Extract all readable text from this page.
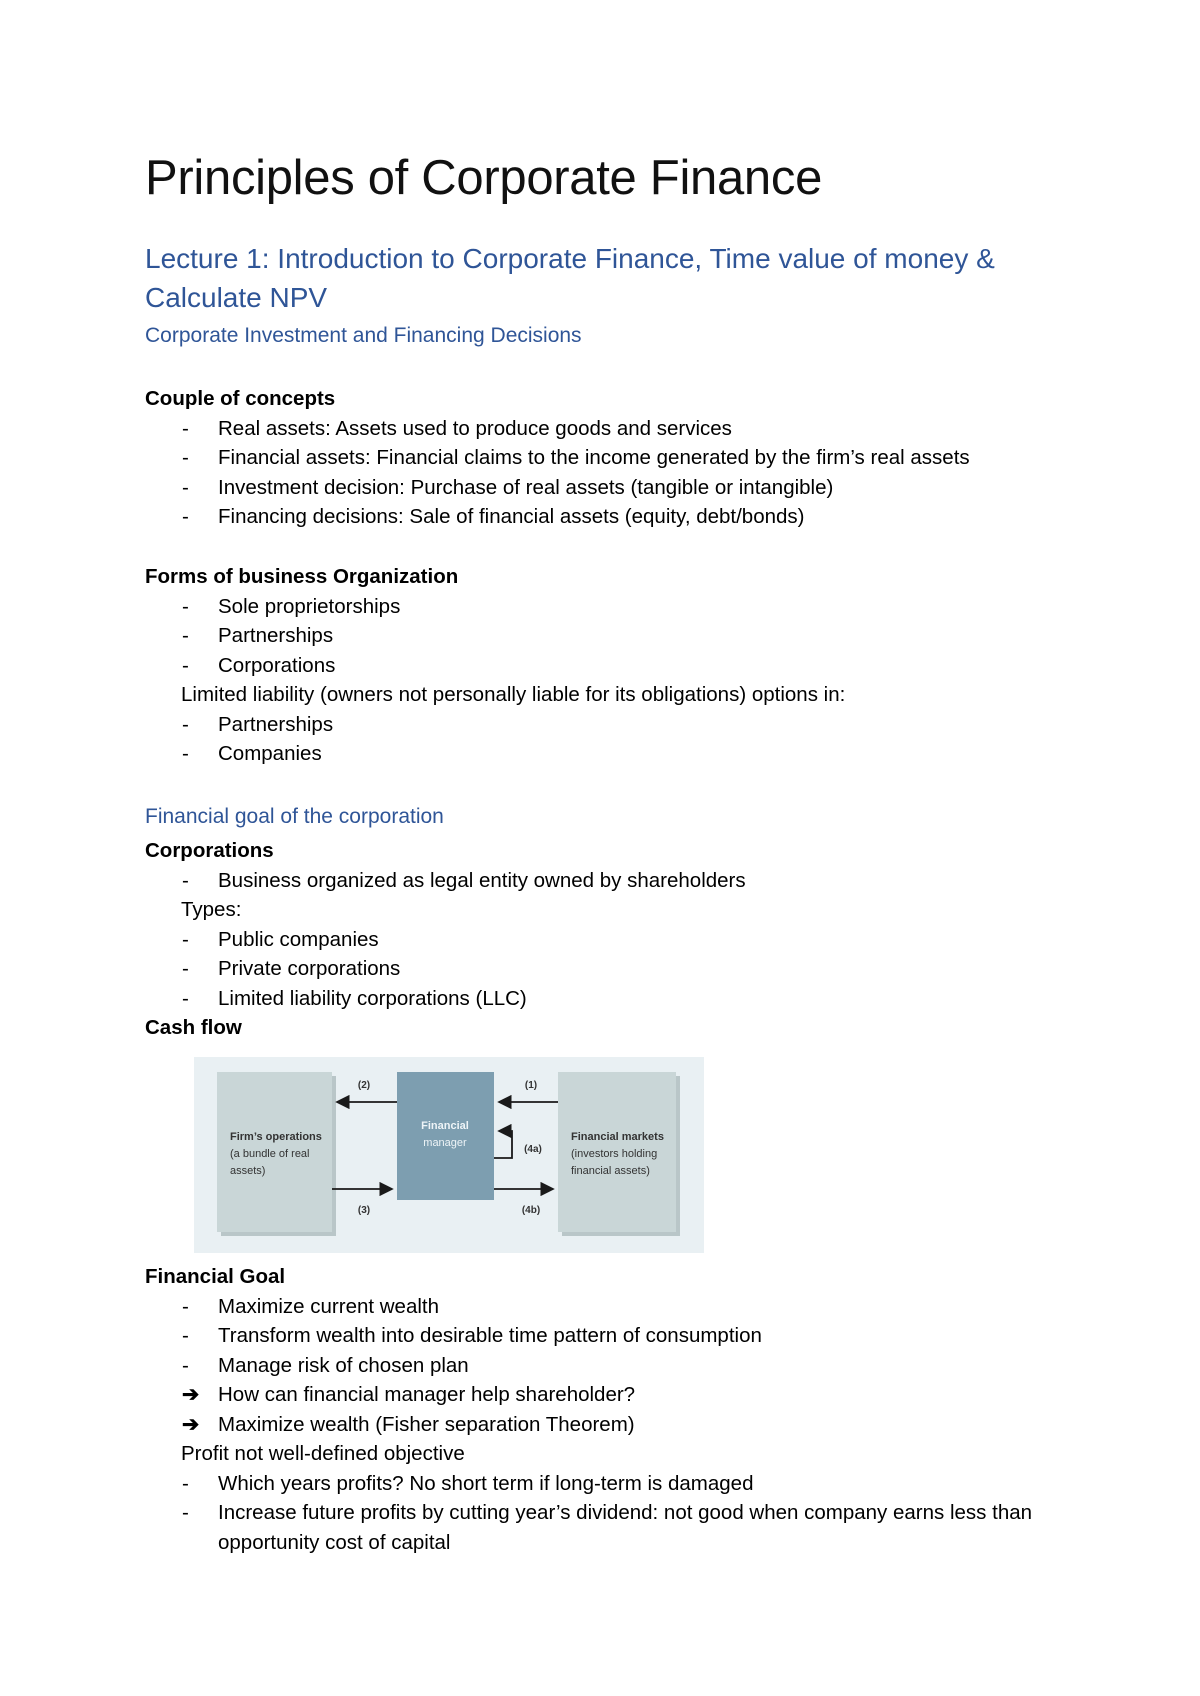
Principles of Corporate Finance
Lecture 1: Introduction to Corporate Finance, Time value of money & Calculate NPV
Corporate Investment and Financing Decisions
Couple of concepts
-	Real assets: Assets used to produce goods and services
-	Financial assets: Financial claims to the income generated by the firm’s real assets
-	Investment decision: Purchase of real assets (tangible or intangible)
-	Financing decisions: Sale of financial assets (equity, debt/bonds)
Forms of business Organization
-	Sole proprietorships
-	Partnerships
-	Corporations
Limited liability (owners not personally liable for its obligations) options in:
-	Partnerships
-	Companies
Financial goal of the corporation
Corporations
-	Business organized as legal entity owned by shareholders
Types:
-	Public companies
-	Private corporations
-	Limited liability corporations (LLC)
Cash flow
Firm’s operations
(a bundle of real
assets)
Financial
manager	Financial markets
(investors holding
financial assets)
(2)	(1)
(3)	(4b)
(4a)
Financial Goal
-	Maximize current wealth
-	Transform wealth into desirable time pattern of consumption
-	Manage risk of chosen plan
➔ How can financial manager help shareholder?
➔ Maximize wealth (Fisher separation Theorem)
Profit not well-defined objective
-	Which years profits? No short term if long-term is damaged
-	Increase future profits by cutting year’s dividend: not good when company earns less than opportunity cost of capital
